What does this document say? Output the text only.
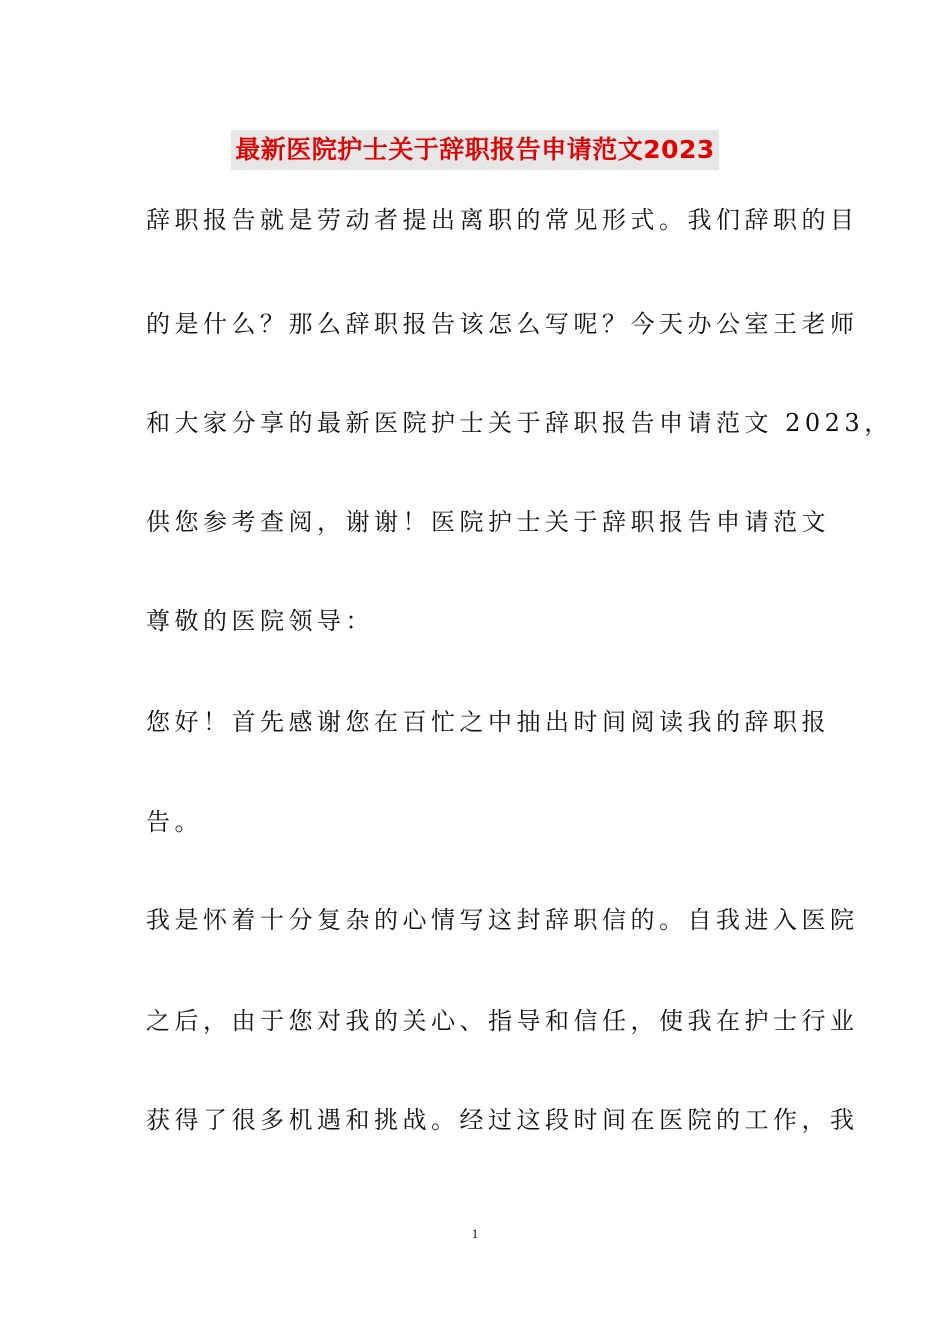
最新医院护士关于辞职报告申请范文2023
辞职报告就是劳动者提出离职的常见形式。我们辞职的目
的是什么？那么辞职报告该怎么写呢？今天办公室王老师
和大家分享的最新医院护士关于辞职报告申请范文 2023，
供您参考查阅，谢谢！医院护士关于辞职报告申请范文
尊敬的医院领导：
您好！首先感谢您在百忙之中抽出时间阅读我的辞职报
告。
我是怀着十分复杂的心情写这封辞职信的。自我进入医院
之后，由于您对我的关心、指导和信任，使我在护士行业
获得了很多机遇和挑战。经过这段时间在医院的工作，我
1
